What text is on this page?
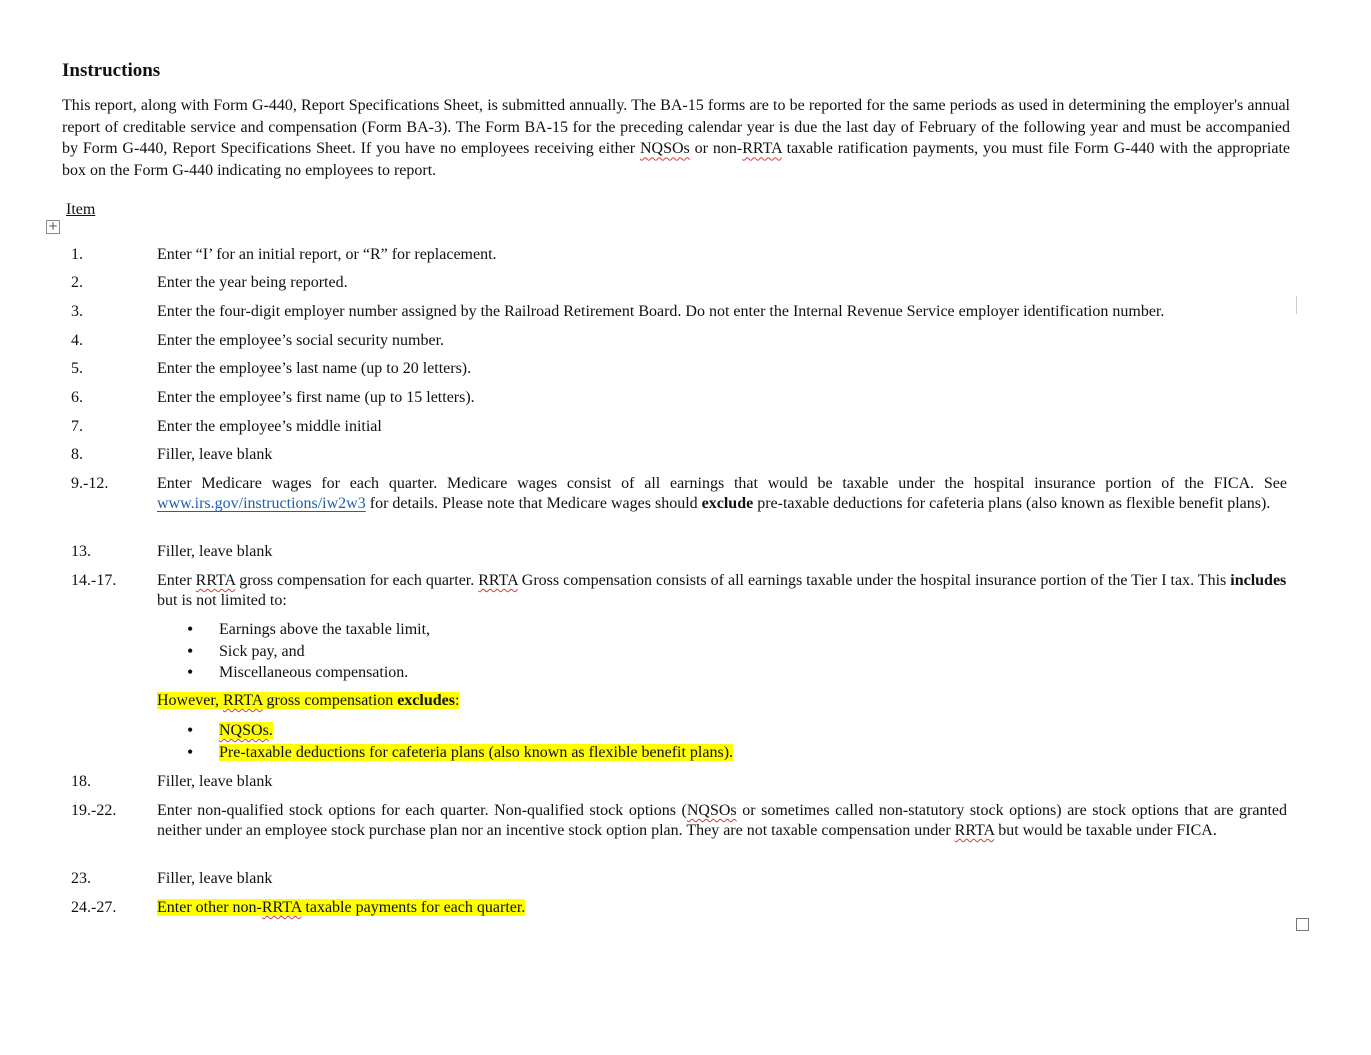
Instructions

This report, along with Form G-440, Report Specifications Sheet, is submitted annually. The BA-15 forms are to be reported for the same periods as used in determining the employer's annual report of creditable service and compensation (Form BA-3). The Form BA-15 for the preceding calendar year is due the last day of February of the following year and must be accompanied by Form G-440, Report Specifications Sheet. If you have no employees receiving either NQSOs or non-RRTA taxable ratification payments, you must file Form G-440 with the appropriate box on the Form G-440 indicating no employees to report.

Item
+
1.	Enter “I’ for an initial report, or “R” for replacement.
2.	Enter the year being reported.
3.	Enter the four-digit employer number assigned by the Railroad Retirement Board. Do not enter the Internal Revenue Service employer identification number.
4.	Enter the employee’s social security number.
5.	Enter the employee’s last name (up to 20 letters).
6.	Enter the employee’s first name (up to 15 letters).
7.	Enter the employee’s middle initial
8.	Filler, leave blank
9.-12.	Enter Medicare wages for each quarter. Medicare wages consist of all earnings that would be taxable under the hospital insurance portion of the FICA. See www.irs.gov/instructions/iw2w3 for details. Please note that Medicare wages should exclude pre-taxable deductions for cafeteria plans (also known as flexible benefit plans).
13.	Filler, leave blank
14.-17.	Enter RRTA gross compensation for each quarter. RRTA Gross compensation consists of all earnings taxable under the hospital insurance portion of the Tier I tax. This includes but is not limited to:
• Earnings above the taxable limit,
• Sick pay, and
• Miscellaneous compensation.
However, RRTA gross compensation excludes:
• NQSOs.
• Pre-taxable deductions for cafeteria plans (also known as flexible benefit plans).
18.	Filler, leave blank
19.-22.	Enter non-qualified stock options for each quarter. Non-qualified stock options (NQSOs or sometimes called non-statutory stock options) are stock options that are granted neither under an employee stock purchase plan nor an incentive stock option plan. They are not taxable compensation under RRTA but would be taxable under FICA.
23.	Filler, leave blank
24.-27.	Enter other non-RRTA taxable payments for each quarter.
